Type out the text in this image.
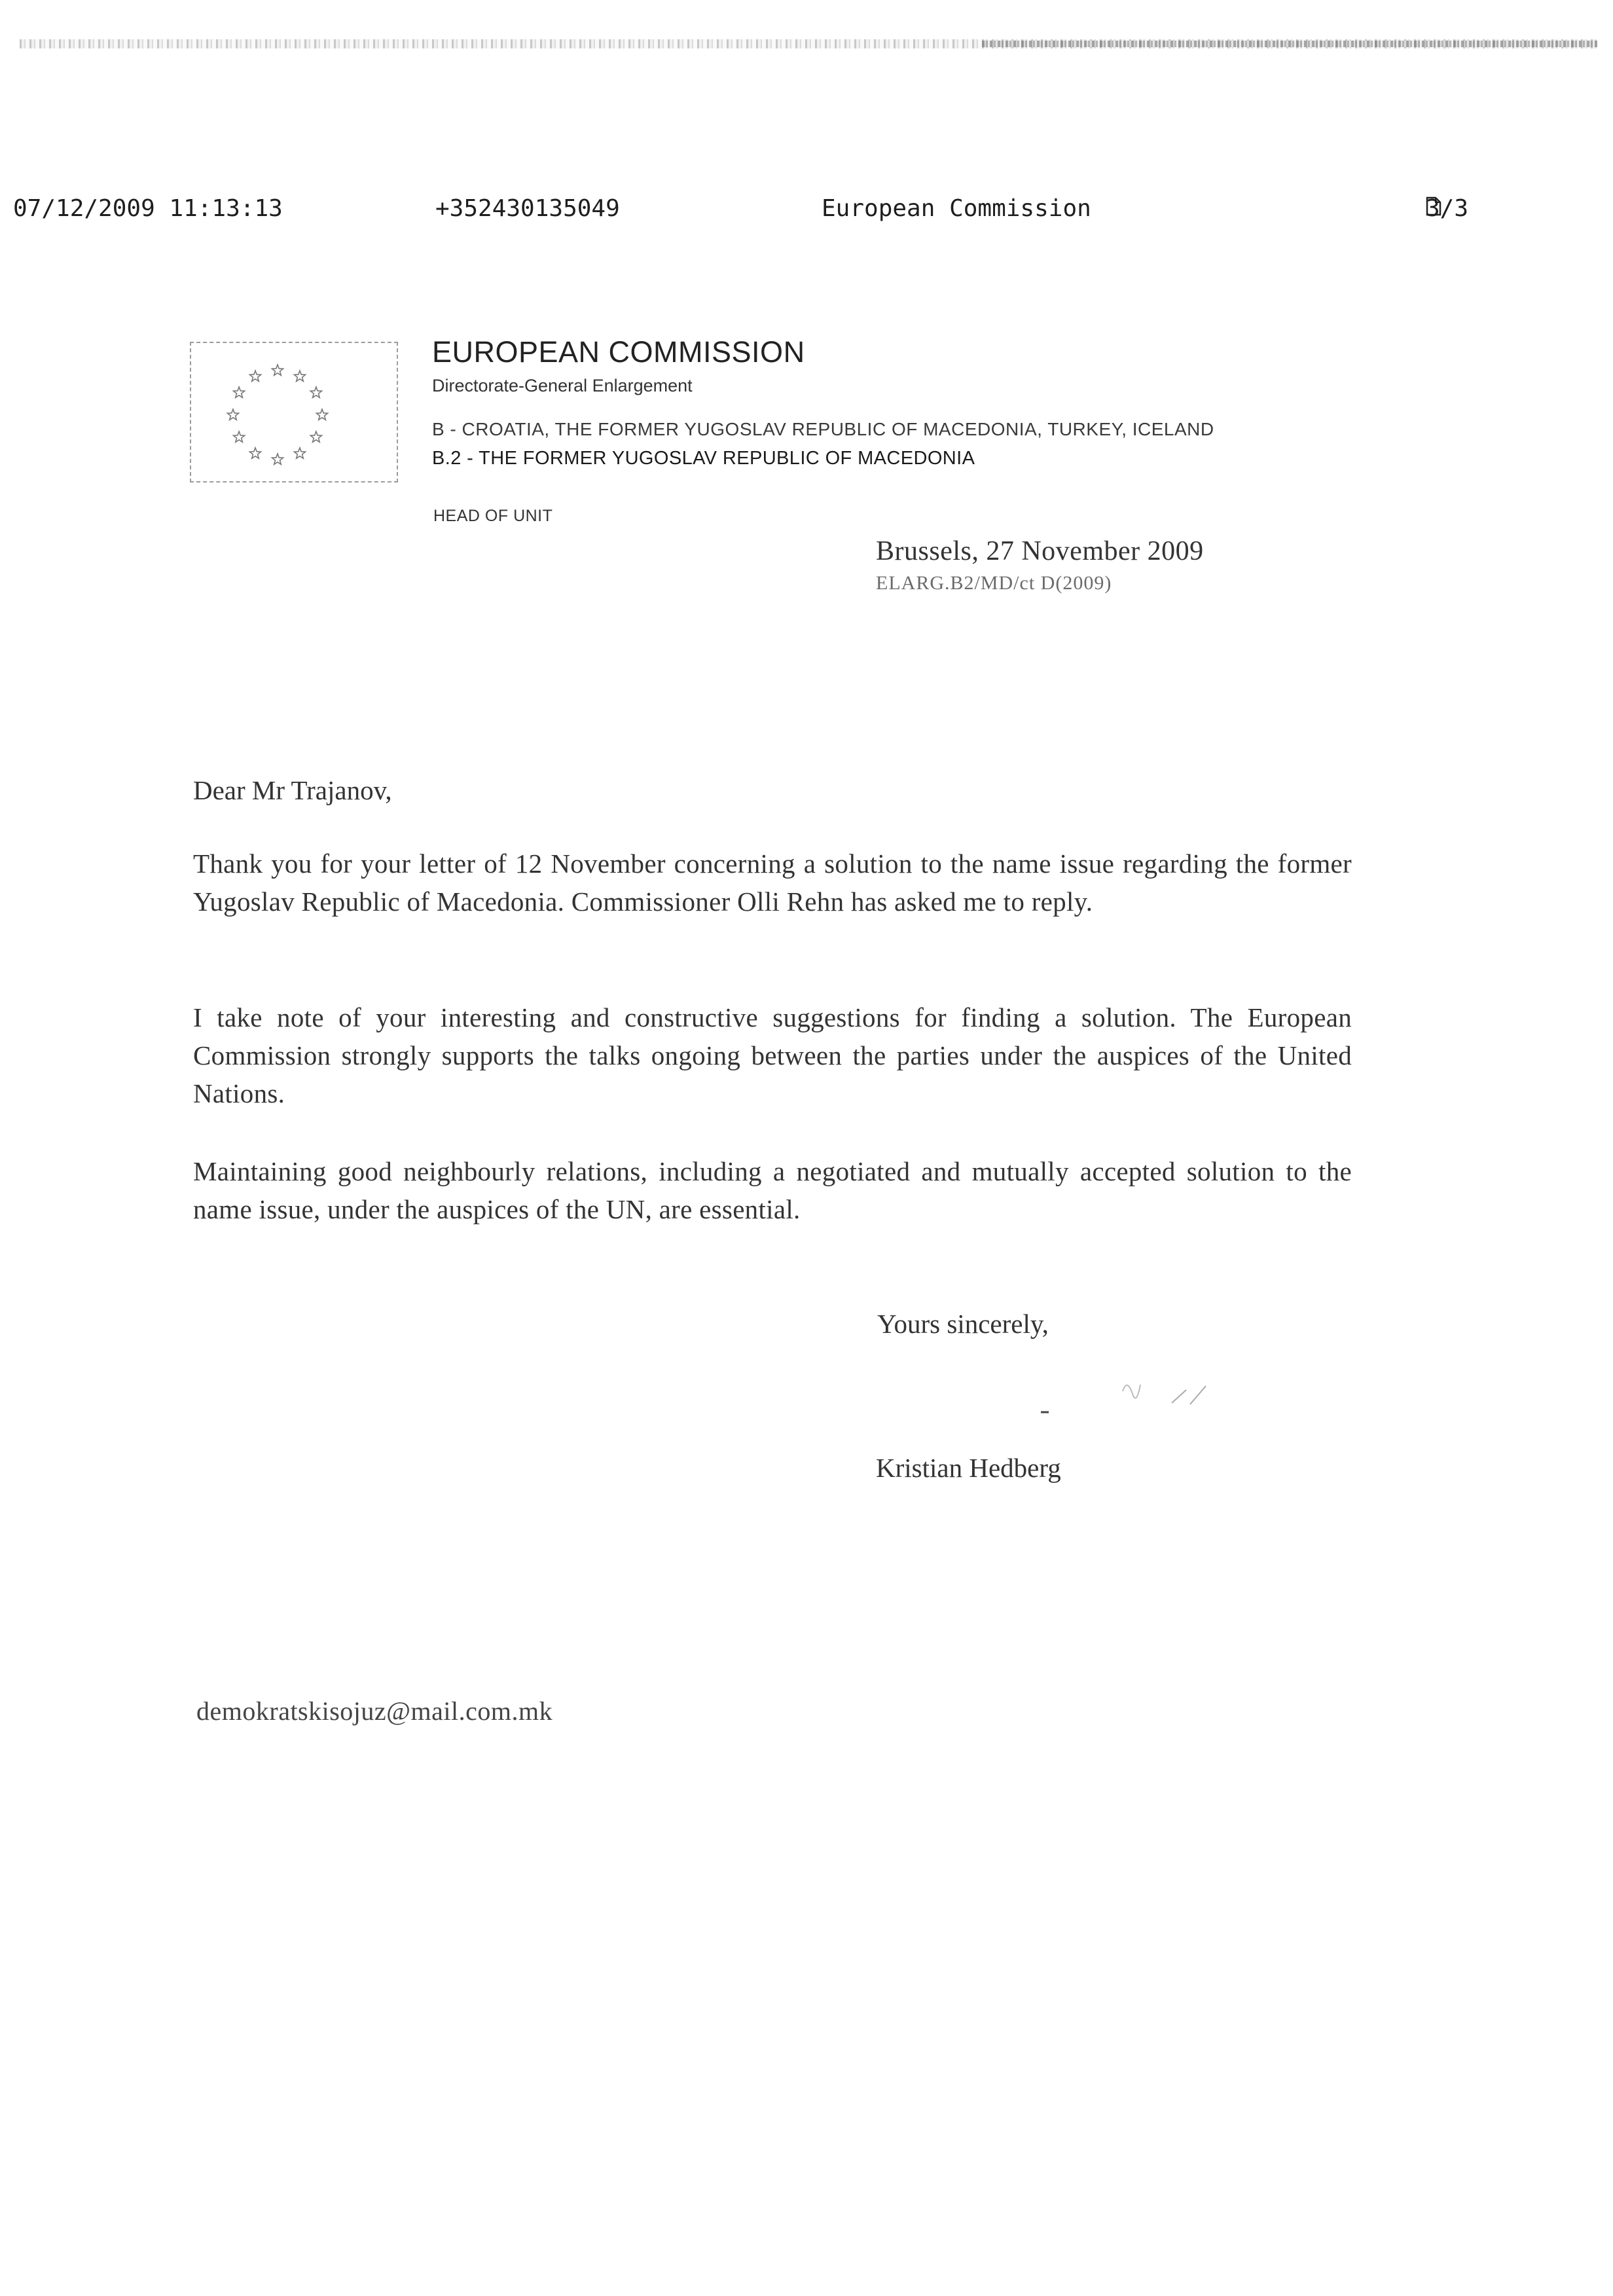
07/12/2009 11:13:13	+352430135049	European Commission	3/3
EUROPEAN COMMISSION
Directorate-General Enlargement
B - CROATIA, THE FORMER YUGOSLAV REPUBLIC OF MACEDONIA, TURKEY, ICELAND
B.2 - THE FORMER YUGOSLAV REPUBLIC OF MACEDONIA
HEAD OF UNIT
Brussels, 27 November 2009
ELARG.B2/MD/ct D(2009)
Dear Mr Trajanov,
Thank you for your letter of 12 November concerning a solution to the name issue regarding the former Yugoslav Republic of Macedonia. Commissioner Olli Rehn has asked me to reply.
I take note of your interesting and constructive suggestions for finding a solution. The European Commission strongly supports the talks ongoing between the parties under the auspices of the United Nations.
Maintaining good neighbourly relations, including a negotiated and mutually accepted solution to the name issue, under the auspices of the UN, are essential.
Yours sincerely,
Kristian Hedberg
demokratskisojuz@mail.com.mk
